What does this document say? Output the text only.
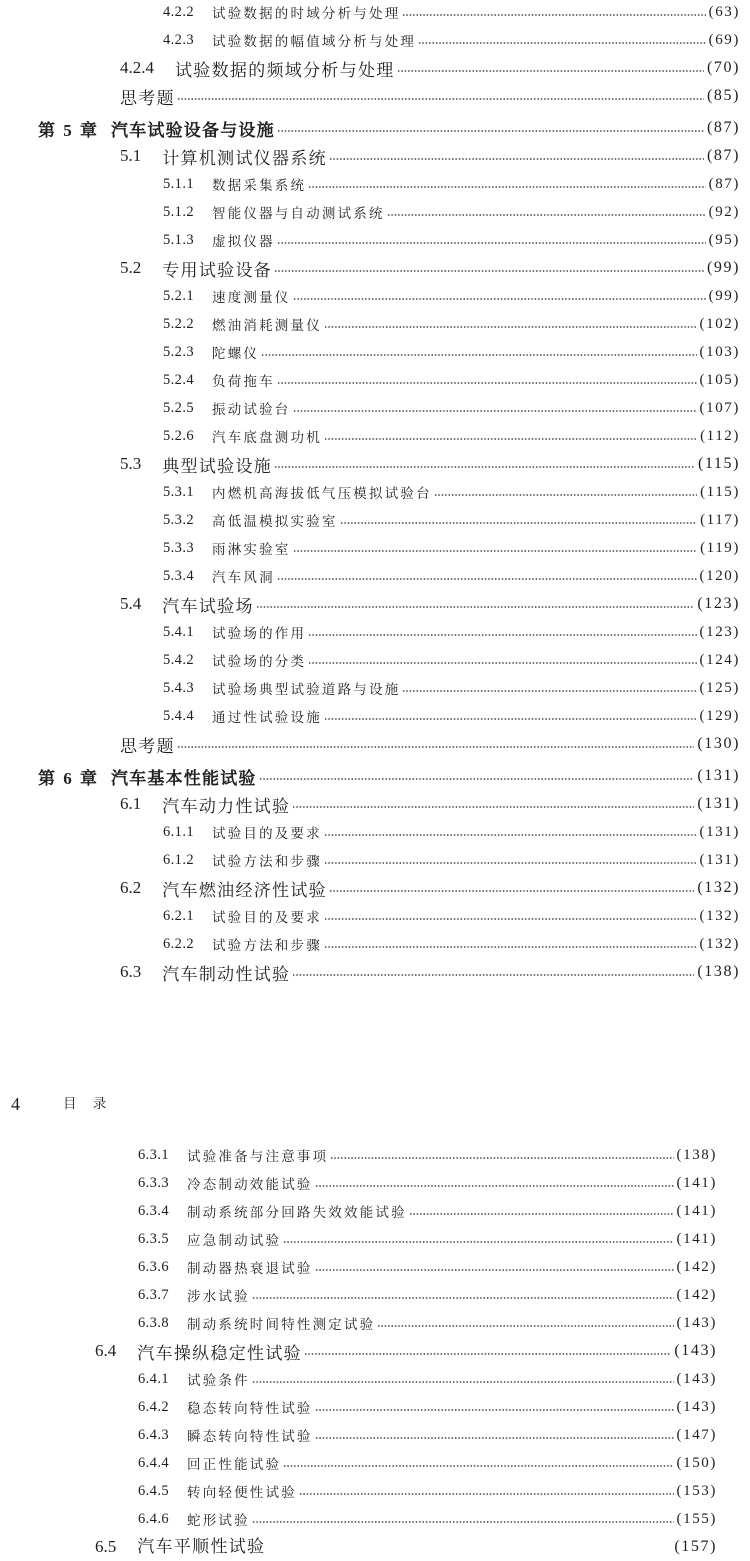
4.2.2	试验数据的时域分析与处理	(63)
4.2.3	试验数据的幅值域分析与处理	(69)
4.2.4 试验数据的频域分析与处理	(70)
思考题	(85)
第 5 章 汽车试验设备与设施	(87)
5.1 计算机测试仪器系统	(87)
5.1.1	数据采集系统	(87)
5.1.2	智能仪器与自动测试系统	(92)
5.1.3	虚拟仪器	(95)
5.2 专用试验设备	(99)
5.2.1	速度测量仪	(99)
5.2.2	燃油消耗测量仪	(102)
5.2.3	陀螺仪	(103)
5.2.4	负荷拖车	(105)
5.2.5	振动试验台	(107)
5.2.6	汽车底盘测功机	(112)
5.3 典型试验设施	(115)
5.3.1	内燃机高海拔低气压模拟试验台	(115)
5.3.2	高低温模拟实验室	(117)
5.3.3	雨淋实验室	(119)
5.3.4	汽车风洞	(120)
5.4 汽车试验场	(123)
5.4.1	试验场的作用	(123)
5.4.2	试验场的分类	(124)
5.4.3	试验场典型试验道路与设施	(125)
5.4.4	通过性试验设施	(129)
思考题	(130)
第 6 章 汽车基本性能试验	(131)
6.1 汽车动力性试验	(131)
6.1.1	试验目的及要求	(131)
6.1.2	试验方法和步骤	(131)
6.2 汽车燃油经济性试验	(132)
6.2.1	试验目的及要求	(132)
6.2.2	试验方法和步骤	(132)
6.3 汽车制动性试验	(138)
4	目 录
6.3.1	试验准备与注意事项	(138)
6.3.3	冷态制动效能试验	(141)
6.3.4	制动系统部分回路失效效能试验	(141)
6.3.5	应急制动试验	(141)
6.3.6	制动器热衰退试验	(142)
6.3.7	涉水试验	(142)
6.3.8	制动系统时间特性测定试验	(143)
6.4 汽车操纵稳定性试验	(143)
6.4.1	试验条件	(143)
6.4.2	稳态转向特性试验	(143)
6.4.3	瞬态转向特性试验	(147)
6.4.4	回正性能试验	(150)
6.4.5	转向轻便性试验	(153)
6.4.6	蛇形试验	(155)
6.5 汽车平顺性试验	(157)
